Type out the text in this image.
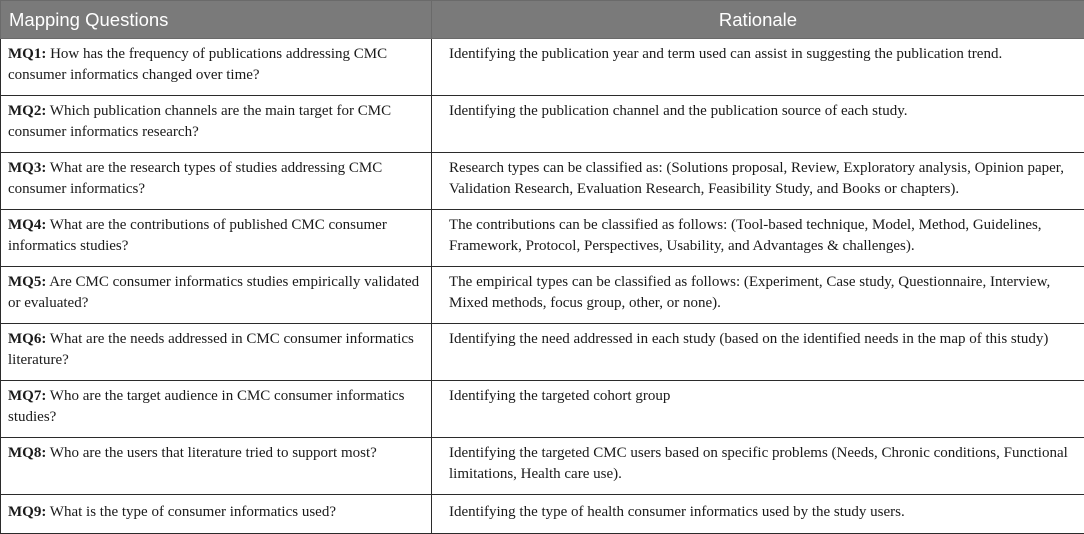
Mapping Questions	Rationale
MQ1: How has the frequency of publications addressing CMC consumer informatics changed over time?	Identifying the publication year and term used can assist in suggesting the publication trend.
MQ2: Which publication channels are the main target for CMC consumer informatics research?	Identifying the publication channel and the publication source of each study.
MQ3: What are the research types of studies addressing CMC consumer informatics?	Research types can be classified as: (Solutions proposal, Review, Exploratory analysis, Opinion paper, Validation Research, Evaluation Research, Feasibility Study, and Books or chapters).
MQ4: What are the contributions of published CMC consumer informatics studies?	The contributions can be classified as follows: (Tool-based technique, Model, Method, Guidelines, Framework, Protocol, Perspectives, Usability, and Advantages & challenges).
MQ5: Are CMC consumer informatics studies empirically validated or evaluated?	The empirical types can be classified as follows: (Experiment, Case study, Questionnaire, Interview, Mixed methods, focus group, other, or none).
MQ6: What are the needs addressed in CMC consumer informatics literature?	Identifying the need addressed in each study (based on the identified needs in the map of this study)
MQ7: Who are the target audience in CMC consumer informatics studies?	Identifying the targeted cohort group
MQ8: Who are the users that literature tried to support most?	Identifying the targeted CMC users based on specific problems (Needs, Chronic conditions, Functional limitations, Health care use).
MQ9: What is the type of consumer informatics used?	Identifying the type of health consumer informatics used by the study users.
